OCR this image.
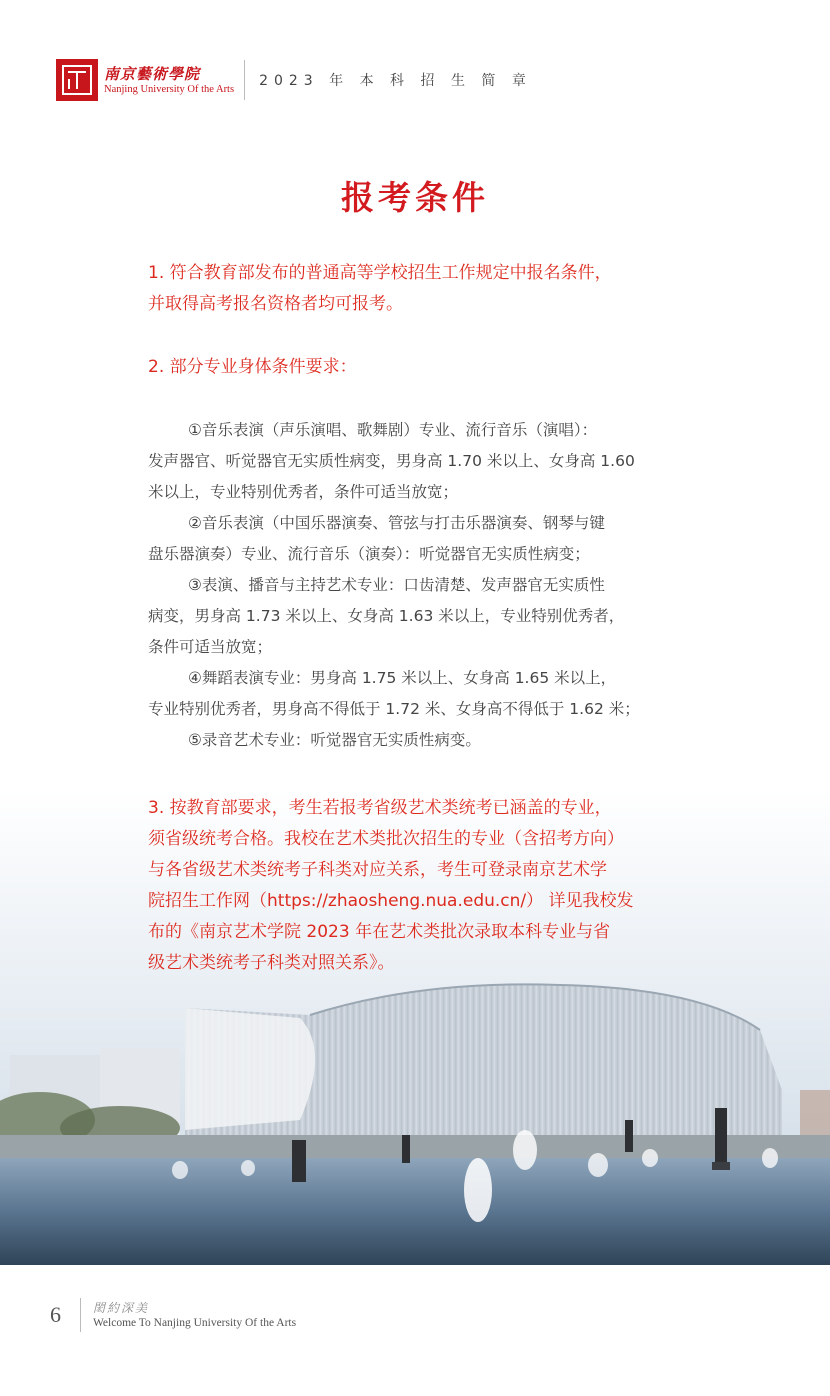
南京藝術學院
Nanjing University Of the Arts 2023 年 本 科 招 生 简 章
报考条件

1. 符合教育部发布的普通高等学校招生工作规定中报名条件，

并取得高考报名资格者均可报考。

2. 部分专业身体条件要求：

①音乐表演（声乐演唱、歌舞剧）专业、流行音乐（演唱）：

发声器官、听觉器官无实质性病变，男身高 1.70 米以上、女身高 1.60

米以上，专业特别优秀者，条件可适当放宽；

②音乐表演（中国乐器演奏、管弦与打击乐器演奏、钢琴与键

盘乐器演奏）专业、流行音乐（演奏）：听觉器官无实质性病变；

③表演、播音与主持艺术专业：口齿清楚、发声器官无实质性

病变，男身高 1.73 米以上、女身高 1.63 米以上，专业特别优秀者，

条件可适当放宽；

④舞蹈表演专业：男身高 1.75 米以上、女身高 1.65 米以上，

专业特别优秀者，男身高不得低于 1.72 米、女身高不得低于 1.62 米；

⑤录音艺术专业：听觉器官无实质性病变。

3. 按教育部要求，考生若报考省级艺术类统考已涵盖的专业，

须省级统考合格。我校在艺术类批次招生的专业（含招考方向）

与各省级艺术类统考子科类对应关系，考生可登录南京艺术学

院招生工作网（https://zhaosheng.nua.edu.cn/） 详见我校发

布的《南京艺术学院 2023 年在艺术类批次录取本科专业与省

级艺术类统考子科类对照关系》。

6	閎約深美
Welcome To Nanjing University Of the Arts
